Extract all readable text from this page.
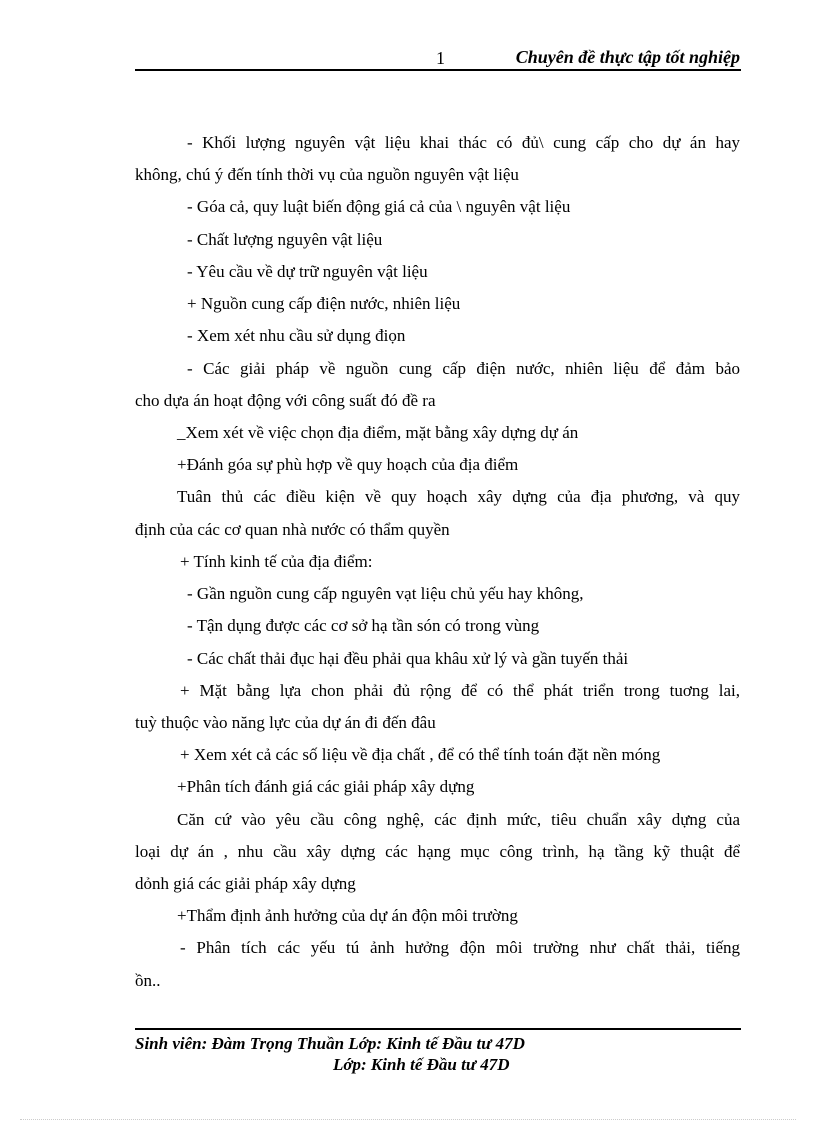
1	Chuyên đề thực tập tốt nghiệp
- Khối lượng nguyên vật liệu khai thác có đủ\ cung cấp cho dự án hay
không, chú ý đến tính thời vụ của nguồn nguyên vật liệu
- Góa cả, quy luật biến động giá cả của \ nguyên vật liệu
- Chất lượng nguyên vật liệu
- Yêu cầu về dự trữ nguyên vật liệu
+ Nguồn cung cấp điện nước, nhiên liệu
- Xem xét nhu cầu sử dụng điọn
- Các giải pháp về nguồn cung cấp điện nước, nhiên liệu để đảm bảo
cho dựa án hoạt động với công suất đó đề ra
_Xem xét về việc chọn địa điểm, mặt bằng xây dựng dự án
+Đánh góa sự phù hợp về quy hoạch của địa điểm
Tuân thủ các điều kiện về quy hoạch xây dựng của địa phương, và quy
định của các cơ quan nhà nước có thẩm quyền
+ Tính kinh tế của địa điểm:
- Gần nguồn cung cấp nguyên vạt liệu chủ yếu hay không,
- Tận dụng được các cơ sở hạ tần són có trong vùng
- Các chất thải đục hại đều phải qua khâu xử lý và gần tuyến thải
+ Mặt bằng lựa chon phải đủ rộng để có thể phát triển trong tuơng lai,
tuỳ thuộc vào năng lực của dự án đi đến đâu
+ Xem xét cả các số liệu về địa chất , để có thể tính toán đặt nền móng
+Phân tích đánh giá các giải pháp xây dựng
Căn cứ vào yêu cầu công nghệ, các định mức, tiêu chuẩn xây dựng của
loại dự án , nhu cầu xây dựng các hạng mục công trình, hạ tầng kỹ thuật để
dỏnh giá các giải pháp xây dựng
+Thẩm định ảnh hưởng của dự án độn môi trường
- Phân tích các yếu tú ảnh hưởng độn môi trường như chất thải, tiếng
ồn..
Sinh viên: Đàm Trọng Thuần Lớp: Kinh tế Đầu tư 47D
Lớp: Kinh tế Đầu tư 47D
